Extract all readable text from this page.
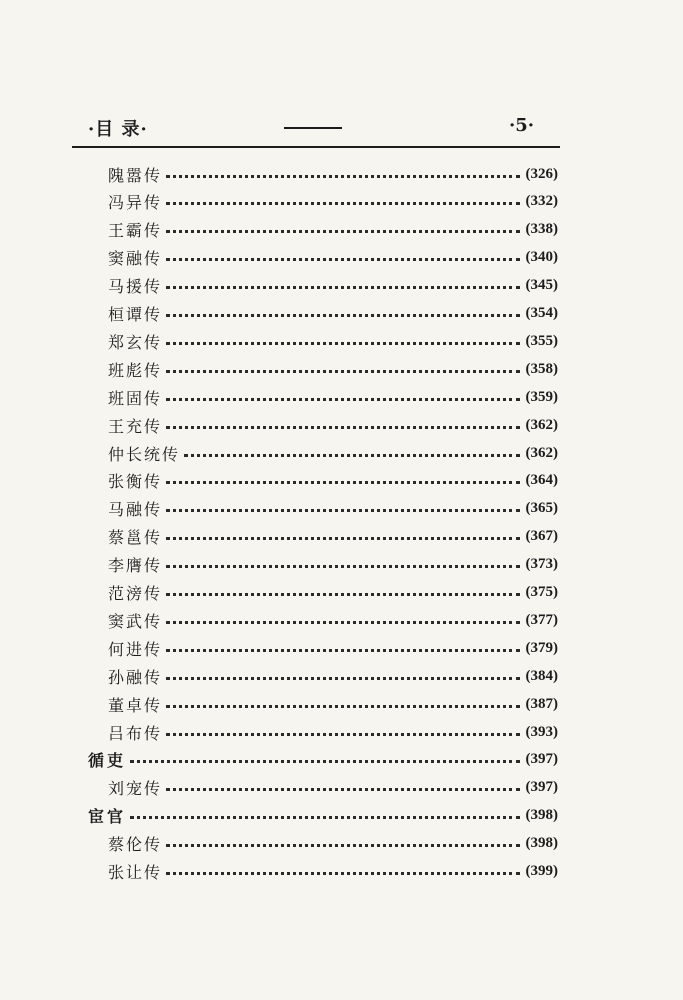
·目 录·	·5·
隗嚣传	(326)
冯异传	(332)
王霸传	(338)
窦融传	(340)
马援传	(345)
桓谭传	(354)
郑玄传	(355)
班彪传	(358)
班固传	(359)
王充传	(362)
仲长统传	(362)
张衡传	(364)
马融传	(365)
蔡邕传	(367)
李膺传	(373)
范滂传	(375)
窦武传	(377)
何进传	(379)
孙融传	(384)
董卓传	(387)
吕布传	(393)
循吏	(397)
刘宠传	(397)
宦官	(398)
蔡伦传	(398)
张让传	(399)
